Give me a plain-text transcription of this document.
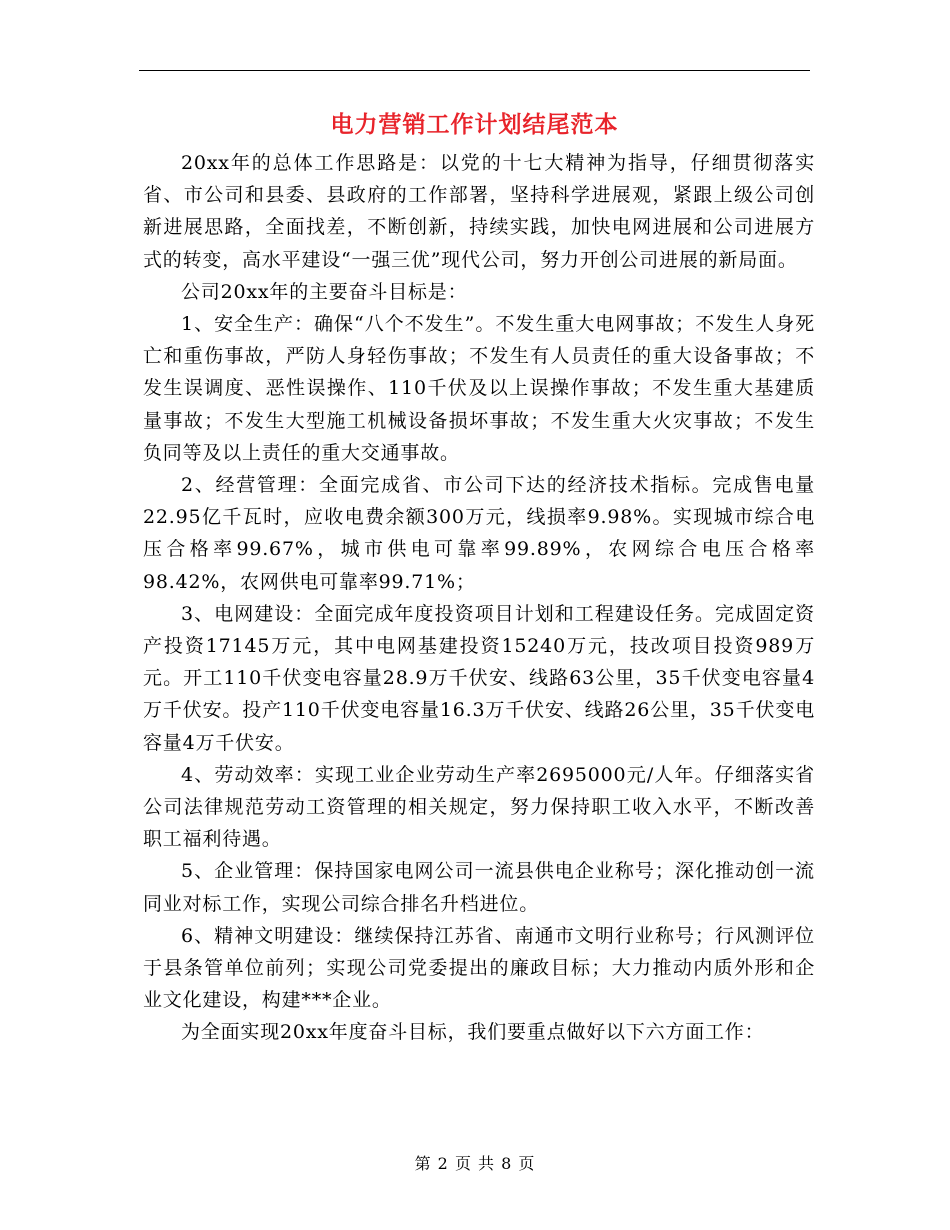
电力营销工作计划结尾范本

20xx年的总体工作思路是：以党的十七大精神为指导，仔细贯彻落实省、市公司和县委、县政府的工作部署，坚持科学进展观，紧跟上级公司创新进展思路，全面找差，不断创新，持续实践，加快电网进展和公司进展方式的转变，高水平建设“一强三优”现代公司，努力开创公司进展的新局面。

公司20xx年的主要奋斗目标是：

1、安全生产：确保“八个不发生”。不发生重大电网事故；不发生人身死亡和重伤事故，严防人身轻伤事故；不发生有人员责任的重大设备事故；不发生误调度、恶性误操作、110千伏及以上误操作事故；不发生重大基建质量事故；不发生大型施工机械设备损坏事故；不发生重大火灾事故；不发生负同等及以上责任的重大交通事故。

2、经营管理：全面完成省、市公司下达的经济技术指标。完成售电量22.95亿千瓦时，应收电费余额300万元，线损率9.98%。实现城市综合电压合格率99.67%，城市供电可靠率99.89%，农网综合电压合格率98.42%，农网供电可靠率99.71%；

3、电网建设：全面完成年度投资项目计划和工程建设任务。完成固定资产投资17145万元，其中电网基建投资15240万元，技改项目投资989万元。开工110千伏变电容量28.9万千伏安、线路63公里，35千伏变电容量4万千伏安。投产110千伏变电容量16.3万千伏安、线路26公里，35千伏变电容量4万千伏安。

4、劳动效率：实现工业企业劳动生产率2695000元/人年。仔细落实省公司法律规范劳动工资管理的相关规定，努力保持职工收入水平，不断改善职工福利待遇。

5、企业管理：保持国家电网公司一流县供电企业称号；深化推动创一流同业对标工作，实现公司综合排名升档进位。

6、精神文明建设：继续保持江苏省、南通市文明行业称号；行风测评位于县条管单位前列；实现公司党委提出的廉政目标；大力推动内质外形和企业文化建设，构建***企业。

为全面实现20xx年度奋斗目标，我们要重点做好以下六方面工作：

第 2 页 共 8 页
